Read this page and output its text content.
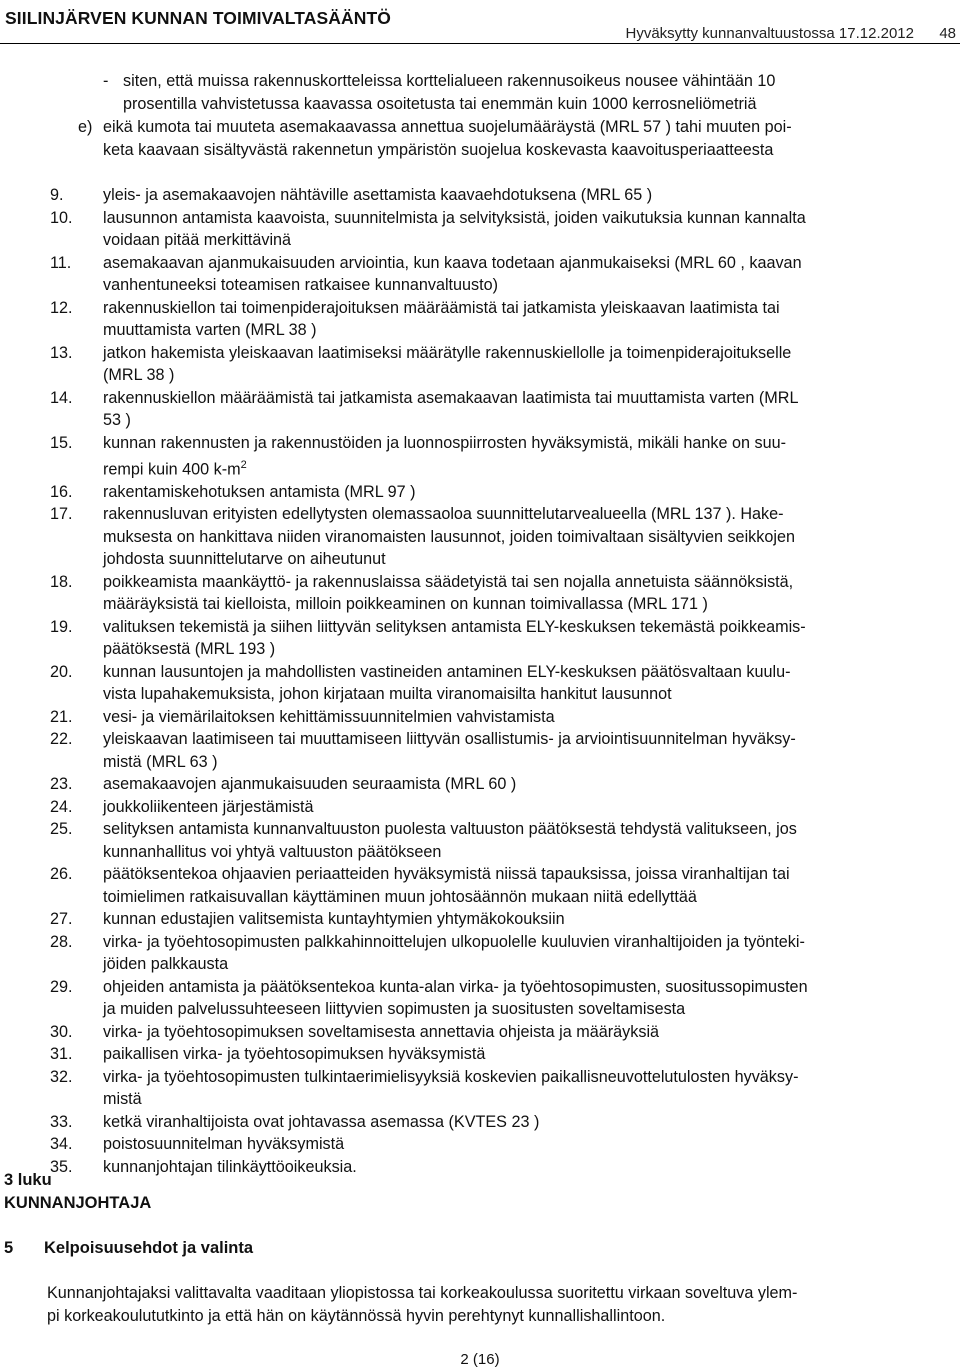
SIILINJÄRVEN KUNNAN TOIMIVALTASÄÄNTÖ
Hyväksytty kunnanvaltuustossa 17.12.2012 48
- siten, että muissa rakennuskortteleissa korttelialueen rakennusoikeus nousee vähintään 10
prosentilla vahvistetussa kaavassa osoitetusta tai enemmän kuin 1000 kerrosneliömetriä
e) eikä kumota tai muuteta asemakaavassa annettua suojelumääräystä (MRL 57 ) tahi muuten poi-
keta kaavaan sisältyvästä rakennetun ympäristön suojelua koskevasta kaavoitusperiaatteesta
9.	yleis- ja asemakaavojen nähtäville asettamista kaavaehdotuksena (MRL 65 )
10.	lausunnon antamista kaavoista, suunnitelmista ja selvityksistä, joiden vaikutuksia kunnan kannalta
voidaan pitää merkittävinä
11.	asemakaavan ajanmukaisuuden arviointia, kun kaava todetaan ajanmukaiseksi (MRL 60 , kaavan
vanhentuneeksi toteamisen ratkaisee kunnanvaltuusto)
12.	rakennuskiellon tai toimenpiderajoituksen määräämistä tai jatkamista yleiskaavan laatimista tai
muuttamista varten (MRL 38 )
13.	jatkon hakemista yleiskaavan laatimiseksi määrätylle rakennuskiellolle ja toimenpiderajoitukselle
(MRL 38 )
14.	rakennuskiellon määräämistä tai jatkamista asemakaavan laatimista tai muuttamista varten (MRL
53 )
15.	kunnan rakennusten ja rakennustöiden ja luonnospiirrosten hyväksymistä, mikäli hanke on suu-
rempi kuin 400 $k-m^2$
16.	rakentamiskehotuksen antamista (MRL 97 )
17.	rakennusluvan erityisten edellytysten olemassaoloa suunnittelutarvealueella (MRL 137 ). Hake-
muksesta on hankittava niiden viranomaisten lausunnot, joiden toimivaltaan sisältyvien seikkojen
johdosta suunnittelutarve on aiheutunut
18.	poikkeamista maankäyttö- ja rakennuslaissa säädetyistä tai sen nojalla annetuista säännöksistä,
määräyksistä tai kielloista, milloin poikkeaminen on kunnan toimivallassa (MRL 171 )
19.	valituksen tekemistä ja siihen liittyvän selityksen antamista ELY-keskuksen tekemästä poikkeamis-
päätöksestä (MRL 193 )
20.	kunnan lausuntojen ja mahdollisten vastineiden antaminen ELY-keskuksen päätösvaltaan kuulu-
vista lupahakemuksista, johon kirjataan muilta viranomaisilta hankitut lausunnot
21.	vesi- ja viemärilaitoksen kehittämissuunnitelmien vahvistamista
22.	yleiskaavan laatimiseen tai muuttamiseen liittyvän osallistumis- ja arviointisuunnitelman hyväksy-
mistä (MRL 63 )
23.	asemakaavojen ajanmukaisuuden seuraamista (MRL 60 )
24.	joukkoliikenteen järjestämistä
25.	selityksen antamista kunnanvaltuuston puolesta valtuuston päätöksestä tehdystä valitukseen, jos
kunnanhallitus voi yhtyä valtuuston päätökseen
26.	päätöksentekoa ohjaavien periaatteiden hyväksymistä niissä tapauksissa, joissa viranhaltijan tai
toimielimen ratkaisuvallan käyttäminen muun johtosäännön mukaan niitä edellyttää
27.	kunnan edustajien valitsemista kuntayhtymien yhtymäkokouksiin
28.	virka- ja työehtosopimusten palkkahinnoittelujen ulkopuolelle kuuluvien viranhaltijoiden ja työnteki-
jöiden palkkausta
29.	ohjeiden antamista ja päätöksentekoa kunta-alan virka- ja työehtosopimusten, suositussopimusten
ja muiden palvelussuhteeseen liittyvien sopimusten ja suositusten soveltamisesta
30.	virka- ja työehtosopimuksen soveltamisesta annettavia ohjeista ja määräyksiä
31.	paikallisen virka- ja työehtosopimuksen hyväksymistä
32.	virka- ja työehtosopimusten tulkintaerimielisyyksiä koskevien paikallisneuvottelutulosten hyväksy-
mistä
33.	ketkä viranhaltijoista ovat johtavassa asemassa (KVTES 23 )
34.	poistosuunnitelman hyväksymistä
35.	kunnanjohtajan tilinkäyttöoikeuksia.
3 luku
KUNNANJOHTAJA
5 Kelpoisuusehdot ja valinta
Kunnanjohtajaksi valittavalta vaaditaan yliopistossa tai korkeakoulussa suoritettu virkaan soveltuva ylem-
pi korkeakoulututkinto ja että hän on käytännössä hyvin perehtynyt kunnallishallintoon.
2 (16)
